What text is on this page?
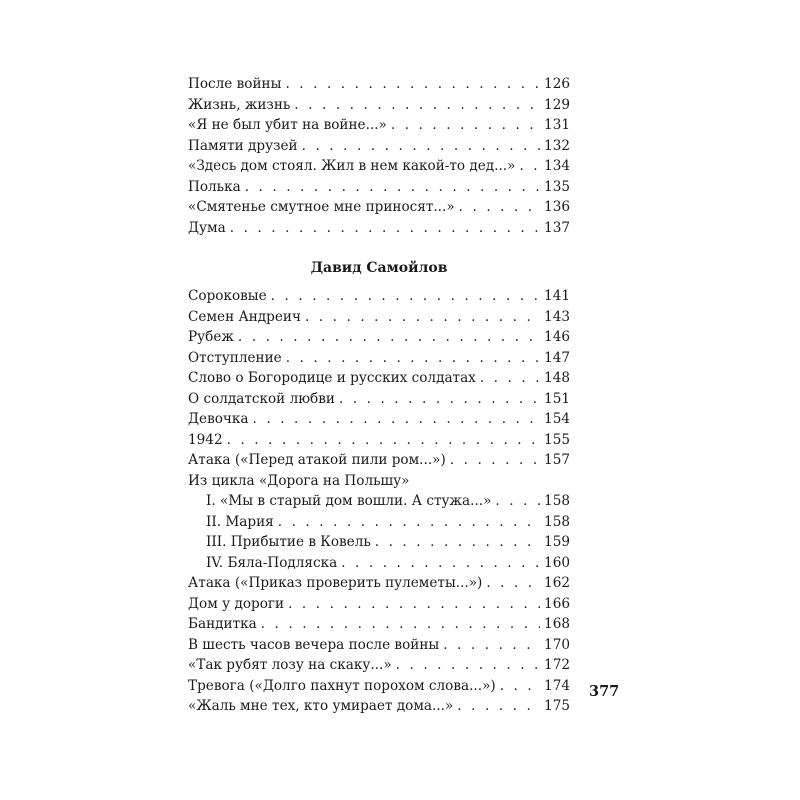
После войны . . .	126
Жизнь, жизнь . . .	129
«Я не был убит на войне...» . . .	131
Памяти друзей . . .	132
«Здесь дом стоял. Жил в нем какой-то дед...» . . . 134
Полька . . .	135
«Смятенье смутное мне приносят...» . . .	136
Дума . . .	137
Давид Самойлов
Сороковые . . .	141
Семен Андреич . . .	143
Рубеж . . .	146
Отступление . . .	147
Слово о Богородице и русских солдатах . . .	148
О солдатской любви . . .	151
Девочка . . .	154
1942 . . .	155
Атака («Перед атакой пили ром...») . . .	157
Из цикла «Дорога на Польшу»
I. «Мы в старый дом вошли. А стужа...» . . .	158
II. Мария . . .	158
III. Прибытие в Ковель . . .	159
IV. Бяла-Подляска . . .	160
Атака («Приказ проверить пулеметы...») . . .	162
Дом у дороги . . .	166
Бандитка . . .	168
В шесть часов вечера после войны . . .	170
«Так рубят лозу на скаку...» . . .	172
Тревога («Долго пахнут порохом слова...») . . .	174
«Жаль мне тех, кто умирает дома...» . . .	175
377
